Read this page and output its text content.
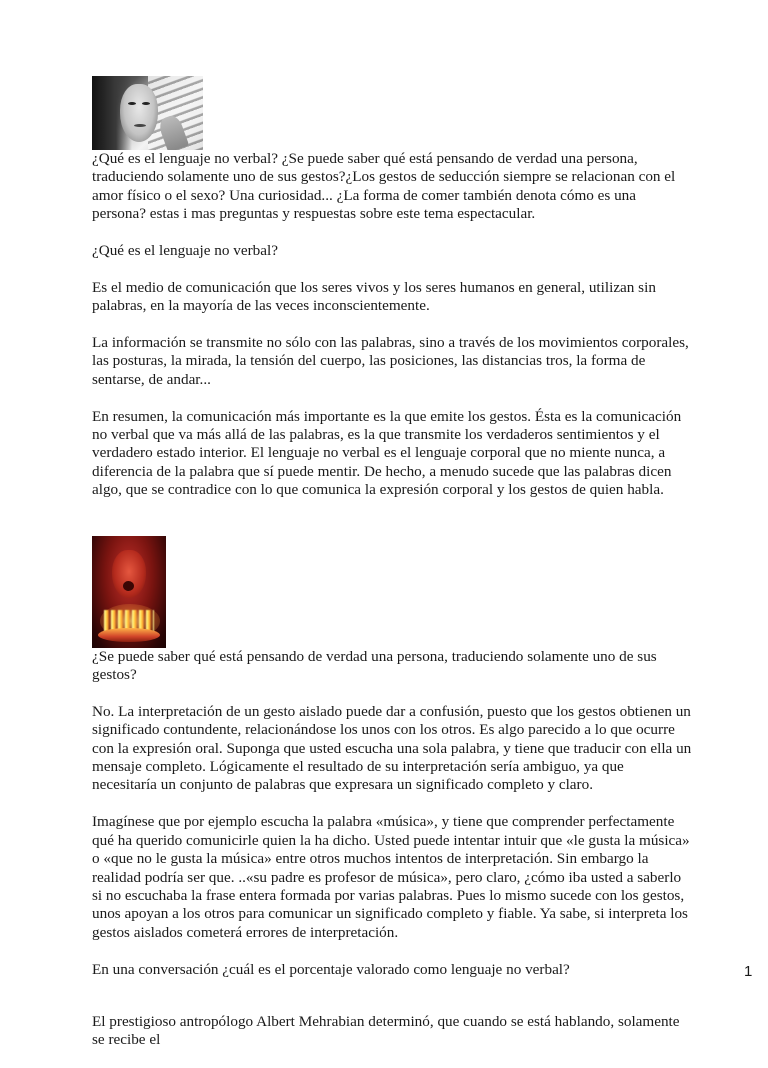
¿Qué es el lenguaje no verbal? ¿Se puede saber qué está pensando de verdad una persona, traduciendo solamente uno de sus gestos?¿Los gestos de seducción siempre se relacionan con el amor físico o el sexo? Una curiosidad... ¿La forma de comer también denota cómo es una persona? estas i mas preguntas y respuestas sobre este tema espectacular.

¿Qué es el lenguaje no verbal?

Es el medio de comunicación que los seres vivos y los seres humanos en general, utilizan sin palabras, en la mayoría de las veces inconscientemente.

La información se transmite no sólo con las palabras, sino a través de los movimientos corporales, las posturas, la mirada, la tensión del cuerpo, las posiciones, las distancias tros, la forma de sentarse, de andar...

En resumen, la comunicación más importante es la que emite los gestos. Ésta es la comunicación no verbal que va más allá de las palabras, es la que transmite los verdaderos sentimientos y el verdadero estado interior. El lenguaje no verbal es el lenguaje corporal que no miente nunca, a diferencia de la palabra que sí puede mentir. De hecho, a menudo sucede que las palabras dicen algo, que se contradice con lo que comunica la expresión corporal y los gestos de quien habla.

¿Se puede saber qué está pensando de verdad una persona, traduciendo solamente uno de sus gestos?

No. La interpretación de un gesto aislado puede dar a confusión, puesto que los gestos obtienen un significado contundente, relacionándose los unos con los otros. Es algo parecido a lo que ocurre con la expresión oral. Suponga que usted escucha una sola palabra, y tiene que traducir con ella un mensaje completo. Lógicamente el resultado de su interpretación sería ambiguo, ya que necesitaría un conjunto de palabras que expresara un significado completo y claro.

Imagínese que por ejemplo escucha la palabra «música», y tiene que comprender perfectamente qué ha querido comunicirle quien la ha dicho. Usted puede intentar intuir que «le gusta la música» o «que no le gusta la música» entre otros muchos intentos de interpretación. Sin embargo la realidad podría ser que. ..«su padre es profesor de música», pero claro, ¿cómo iba usted a saberlo si no escuchaba la frase entera formada por varias palabras. Pues lo mismo sucede con los gestos, unos apoyan a los otros para comunicar un significado completo y fiable. Ya sabe, si interpreta los gestos aislados cometerá errores de interpretación.

En una conversación ¿cuál es el porcentaje valorado como lenguaje no verbal?

El prestigioso antropólogo Albert Mehrabian determinó, que cuando se está hablando, solamente se recibe el

1
